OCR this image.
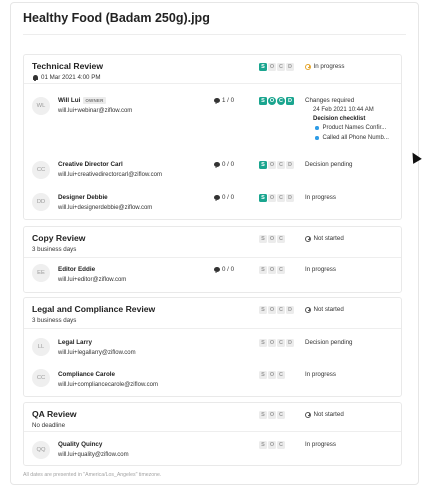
Healthy Food (Badam 250g).jpg
Technical Review
01 Mar 2021 4:00 PM
S O C D	In progress
WL
Will Lui	OWNER
will.lui+webinar@ziflow.com
1 / 0	S O C D	Changes required
24 Feb 2021 10:44 AM
Decision checklist
Product Names Confir...
Called all Phone Numb...
CC
Creative Director Carl
will.lui+creativedirectorcarl@ziflow.com
0 / 0	S O C D	Decision pending
DD
Designer Debbie
will.lui+designerdebbie@ziflow.com
0 / 0	S O C D	In progress
Copy Review
3 business days
S O C	Not started
EE	Editor Eddie
will.lui+editor@ziflow.com
0 / 0	S O C	In progress
Legal and Compliance Review
3 business days
S O C D	Not started
LL
Legal Larry
will.lui+legallarry@ziflow.com
S O C D	Decision pending
CC	Compliance Carole
will.lui+compliancecarole@ziflow.com
S O C	In progress
QA Review
No deadline
S O C	Not started
QQ
Quality Quincy
will.lui+quality@ziflow.com
S O C	In progress
All dates are presented in "America/Los_Angeles" timezone.
